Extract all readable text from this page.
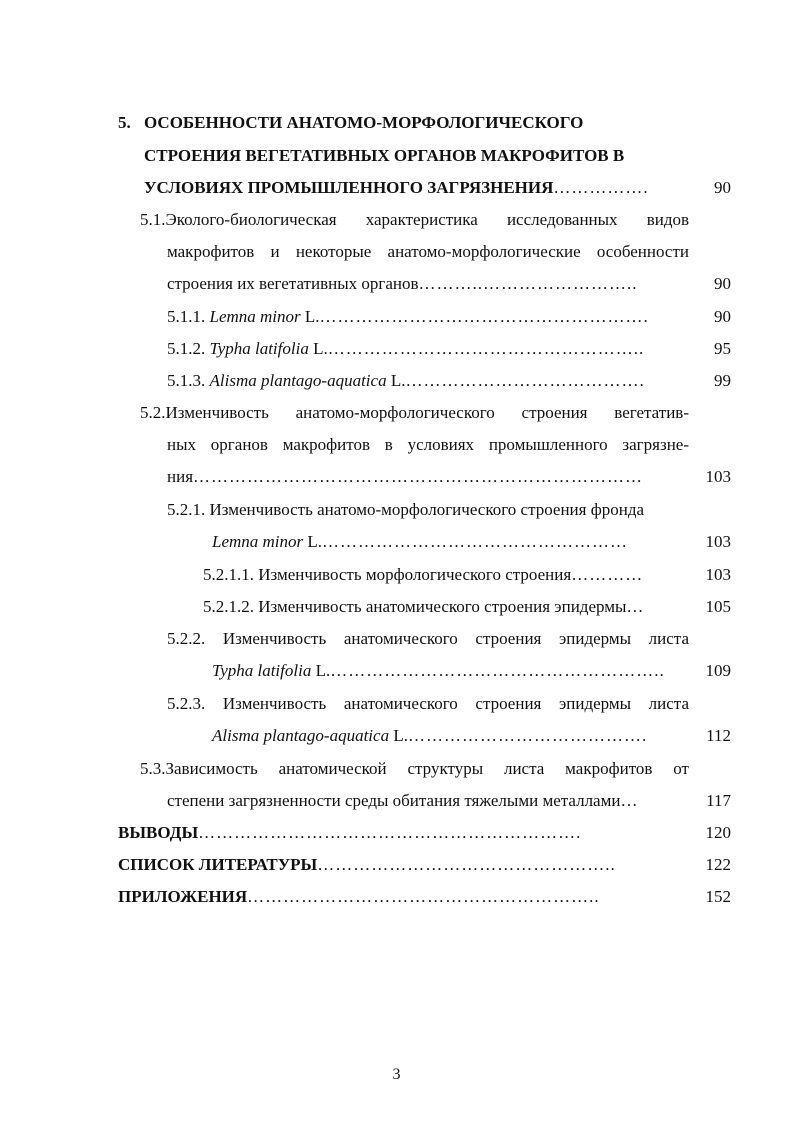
5. ОСОБЕННОСТИ АНАТОМО-МОРФОЛОГИЧЕСКОГО
СТРОЕНИЯ ВЕГЕТАТИВНЫХ ОРГАНОВ МАКРОФИТОВ В
УСЛОВИЯХ ПРОМЫШЛЕННОГО ЗАГРЯЗНЕНИЯ…………….	90
5.1.Эколого-биологическая характеристика исследованных видов
макрофитов и некоторые анатомо-морфологические особенности
строения их вегетативных органов………..……………………..	90
5.1.1. Lemna minor L.……………………………………………….	90
5.1.2. Typha latifolia L.……………………………………………..	95
5.1.3. Alisma plantago-aquatica L.………………………………….	99
5.2.Изменчивость анатомо-морфологического строения вегетатив-
ных органов макрофитов в условиях промышленного загрязне-
ния…………………………………………………………………	103
5.2.1. Изменчивость анатомо-морфологического строения фронда
Lemna minor L.……………………………………………	103
5.2.1.1. Изменчивость морфологического строения…………	103
5.2.1.2. Изменчивость анатомического строения эпидермы…	105
5.2.2. Изменчивость анатомического строения эпидермы листа
Typha latifolia L.……………………………………………….. 109
5.2.3. Изменчивость анатомического строения эпидермы листа
Alisma plantago-aquatica L.………………………………….	112
5.3.Зависимость анатомической структуры листа макрофитов от
степени загрязненности среды обитания тяжелыми металлами…	117
ВЫВОДЫ……………………………………………………….	120
СПИСОК ЛИТЕРАТУРЫ…………………………………………..	122
ПРИЛОЖЕНИЯ…………………………………………………..	152
3
